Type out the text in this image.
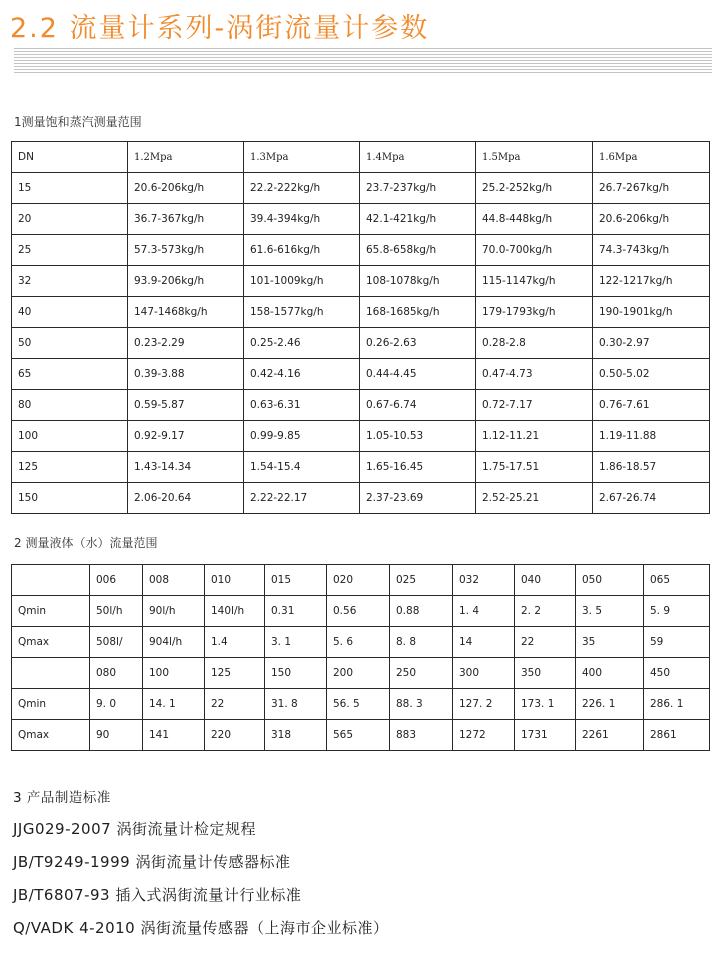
2.2 流量计系列-涡街流量计参数
1测量饱和蒸汽测量范围
DN	1.2Mpa	1.3Mpa	1.4Mpa	1.5Mpa	1.6Mpa
15	20.6-206kg/h	22.2-222kg/h	23.7-237kg/h	25.2-252kg/h	26.7-267kg/h
20	36.7-367kg/h	39.4-394kg/h	42.1-421kg/h	44.8-448kg/h	20.6-206kg/h
25	57.3-573kg/h	61.6-616kg/h	65.8-658kg/h	70.0-700kg/h	74.3-743kg/h
32	93.9-206kg/h	101-1009kg/h	108-1078kg/h	115-1147kg/h	122-1217kg/h
40	147-1468kg/h	158-1577kg/h	168-1685kg/h	179-1793kg/h	190-1901kg/h
50	0.23-2.29	0.25-2.46	0.26-2.63	0.28-2.8	0.30-2.97
65	0.39-3.88	0.42-4.16	0.44-4.45	0.47-4.73	0.50-5.02
80	0.59-5.87	0.63-6.31	0.67-6.74	0.72-7.17	0.76-7.61
100	0.92-9.17	0.99-9.85	1.05-10.53	1.12-11.21	1.19-11.88
125	1.43-14.34	1.54-15.4	1.65-16.45	1.75-17.51	1.86-18.57
150	2.06-20.64	2.22-22.17	2.37-23.69	2.52-25.21	2.67-26.74
2 测量液体（水）流量范围
	006	008	010	015	020	025	032	040	050	065
Qmin	50l/h	90l/h	140l/h	0.31	0.56	0.88	1. 4	2. 2	3. 5	5. 9
Qmax	508l/	904l/h	1.4	3. 1	5. 6	8. 8	14	22	35	59
	080	100	125	150	200	250	300	350	400	450
Qmin	9. 0	14. 1	22	31. 8	56. 5	88. 3	127. 2	173. 1	226. 1	286. 1
Qmax	90	141	220	318	565	883	1272	1731	2261	2861
3 产品制造标准
JJG029-2007 涡街流量计检定规程
JB/T9249-1999 涡街流量计传感器标准
JB/T6807-93 插入式涡街流量计行业标准
Q/VADK 4-2010 涡街流量传感器（上海市企业标准）
